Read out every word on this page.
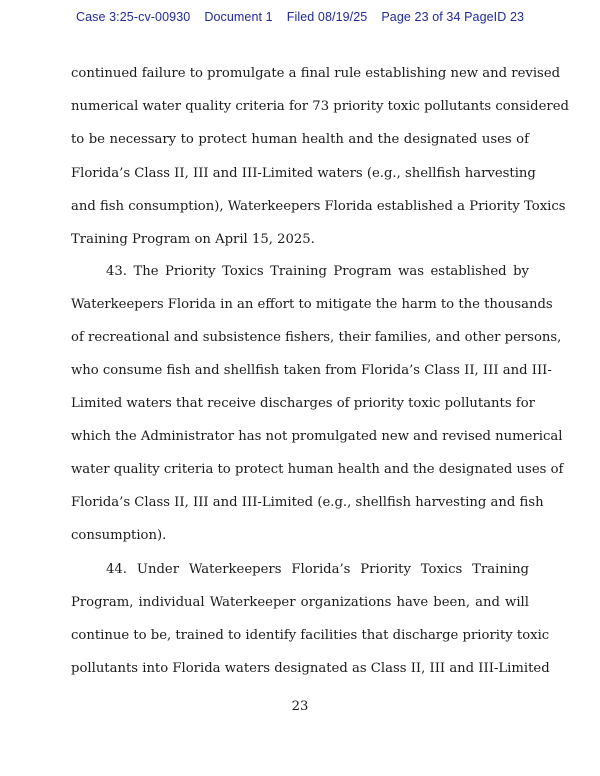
Case 3:25-cv-00930 Document 1 Filed 08/19/25 Page 23 of 34 PageID 23
continued failure to promulgate a final rule establishing new and revised
numerical water quality criteria for 73 priority toxic pollutants considered
to be necessary to protect human health and the designated uses of
Florida’s Class II, III and III-Limited waters (e.g., shellfish harvesting
and fish consumption), Waterkeepers Florida established a Priority Toxics
Training Program on April 15, 2025.
43. The Priority Toxics Training Program was established by
Waterkeepers Florida in an effort to mitigate the harm to the thousands
of recreational and subsistence fishers, their families, and other persons,
who consume fish and shellfish taken from Florida’s Class II, III and III-
Limited waters that receive discharges of priority toxic pollutants for
which the Administrator has not promulgated new and revised numerical
water quality criteria to protect human health and the designated uses of
Florida’s Class II, III and III-Limited (e.g., shellfish harvesting and fish
consumption).
44. Under Waterkeepers Florida’s Priority Toxics Training
Program, individual Waterkeeper organizations have been, and will
continue to be, trained to identify facilities that discharge priority toxic
pollutants into Florida waters designated as Class II, III and III-Limited
23
